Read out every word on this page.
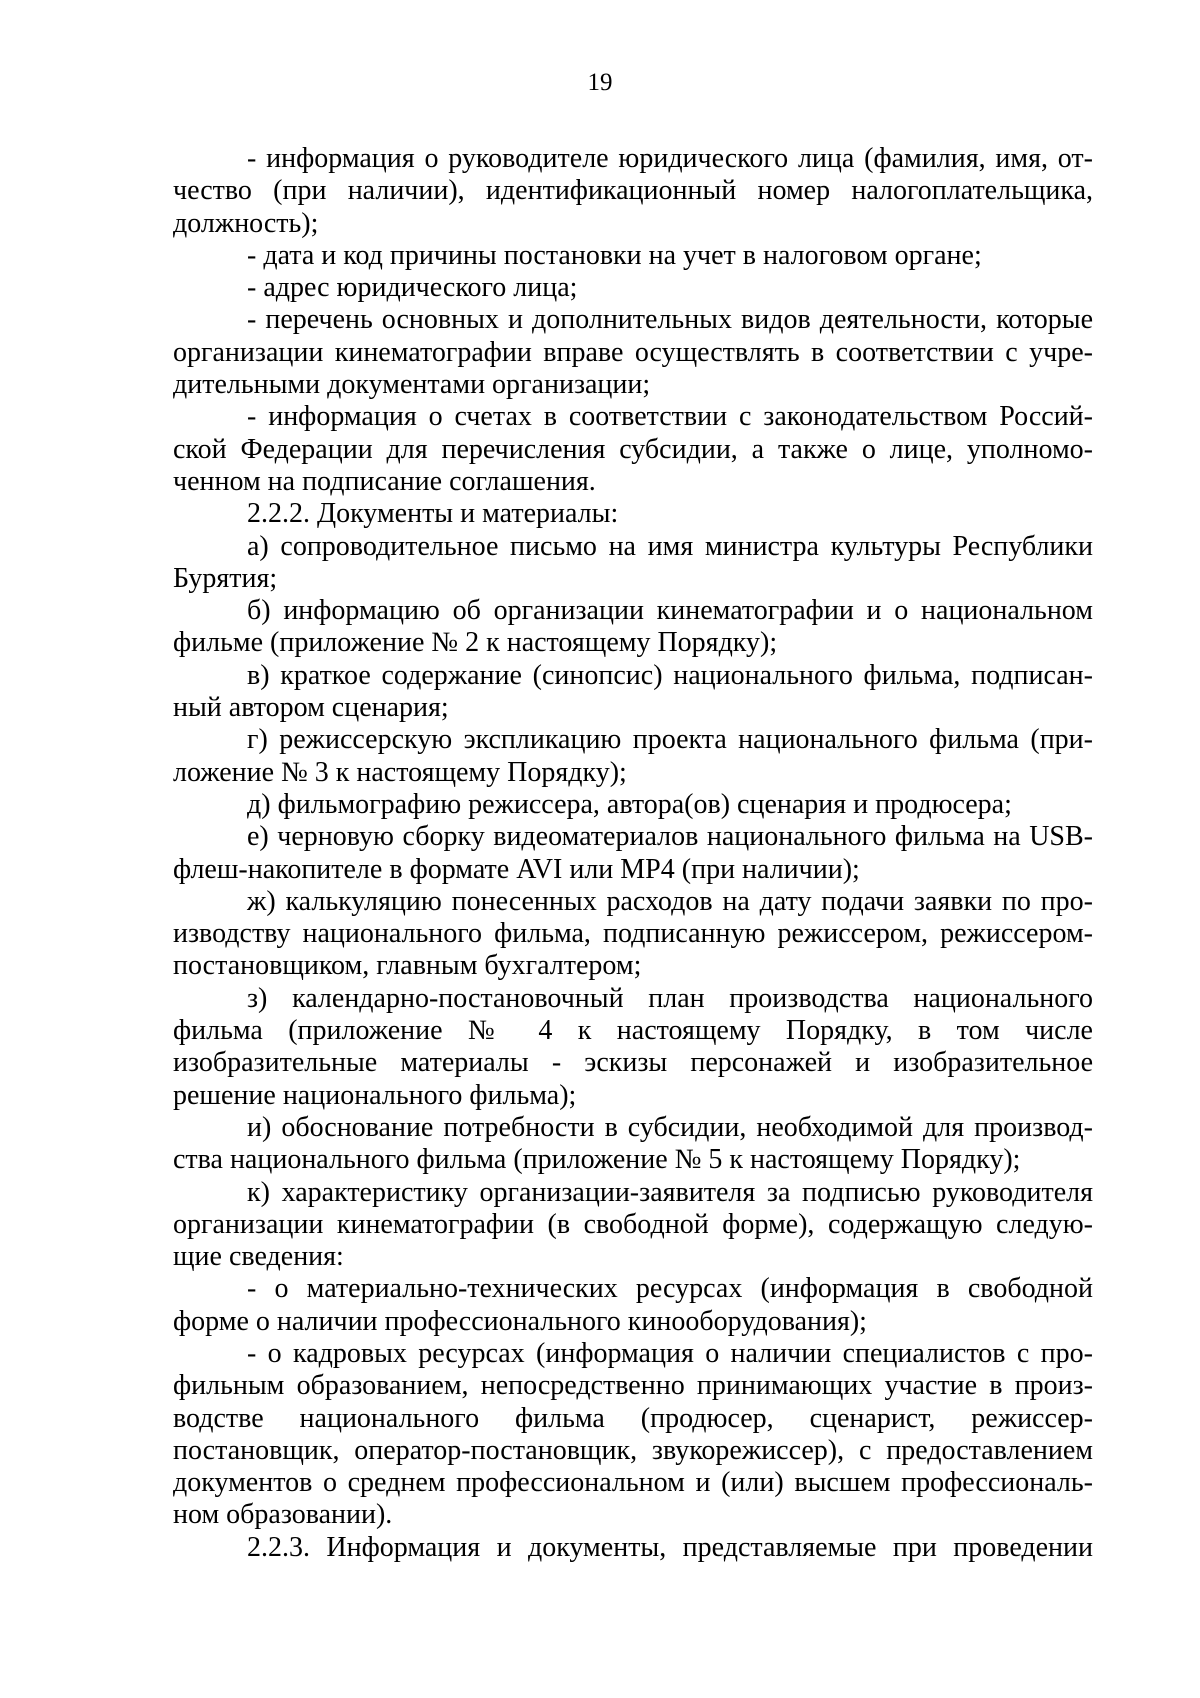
19

- информация о руководителе юридического лица (фамилия, имя, отчество (при наличии), идентификационный номер налогоплательщика, должность);

- дата и код причины постановки на учет в налоговом органе;

- адрес юридического лица;

- перечень основных и дополнительных видов деятельности, которые организации кинематографии вправе осуществлять в соответствии с учредительными документами организации;

- информация о счетах в соответствии с законодательством Российской Федерации для перечисления субсидии, а также о лице, уполномоченном на подписание соглашения.

2.2.2. Документы и материалы:

а) сопроводительное письмо на имя министра культуры Республики Бурятия;

б) информацию об организации кинематографии и о национальном фильме (приложение № 2 к настоящему Порядку);

в) краткое содержание (синопсис) национального фильма, подписанный автором сценария;

г) режиссерскую экспликацию проекта национального фильма (приложение № 3 к настоящему Порядку);

д) фильмографию режиссера, автора(ов) сценария и продюсера;

е) черновую сборку видеоматериалов национального фильма на USB-флеш-накопителе в формате AVI или MP4 (при наличии);

ж) калькуляцию понесенных расходов на дату подачи заявки по производству национального фильма, подписанную режиссером, режиссером-постановщиком, главным бухгалтером;

з) календарно-постановочный план производства национального фильма (приложение № 4 к настоящему Порядку, в том числе изобразительные материалы - эскизы персонажей и изобразительное решение национального фильма);

и) обоснование потребности в субсидии, необходимой для производства национального фильма (приложение № 5 к настоящему Порядку);

к) характеристику организации-заявителя за подписью руководителя организации кинематографии (в свободной форме), содержащую следующие сведения:

- о материально-технических ресурсах (информация в свободной форме о наличии профессионального кинооборудования);

- о кадровых ресурсах (информация о наличии специалистов с профильным образованием, непосредственно принимающих участие в производстве национального фильма (продюсер, сценарист, режиссер-постановщик, оператор-постановщик, звукорежиссер), с предоставлением документов о среднем профессиональном и (или) высшем профессиональном образовании).

2.2.3. Информация и документы, представляемые при проведении
